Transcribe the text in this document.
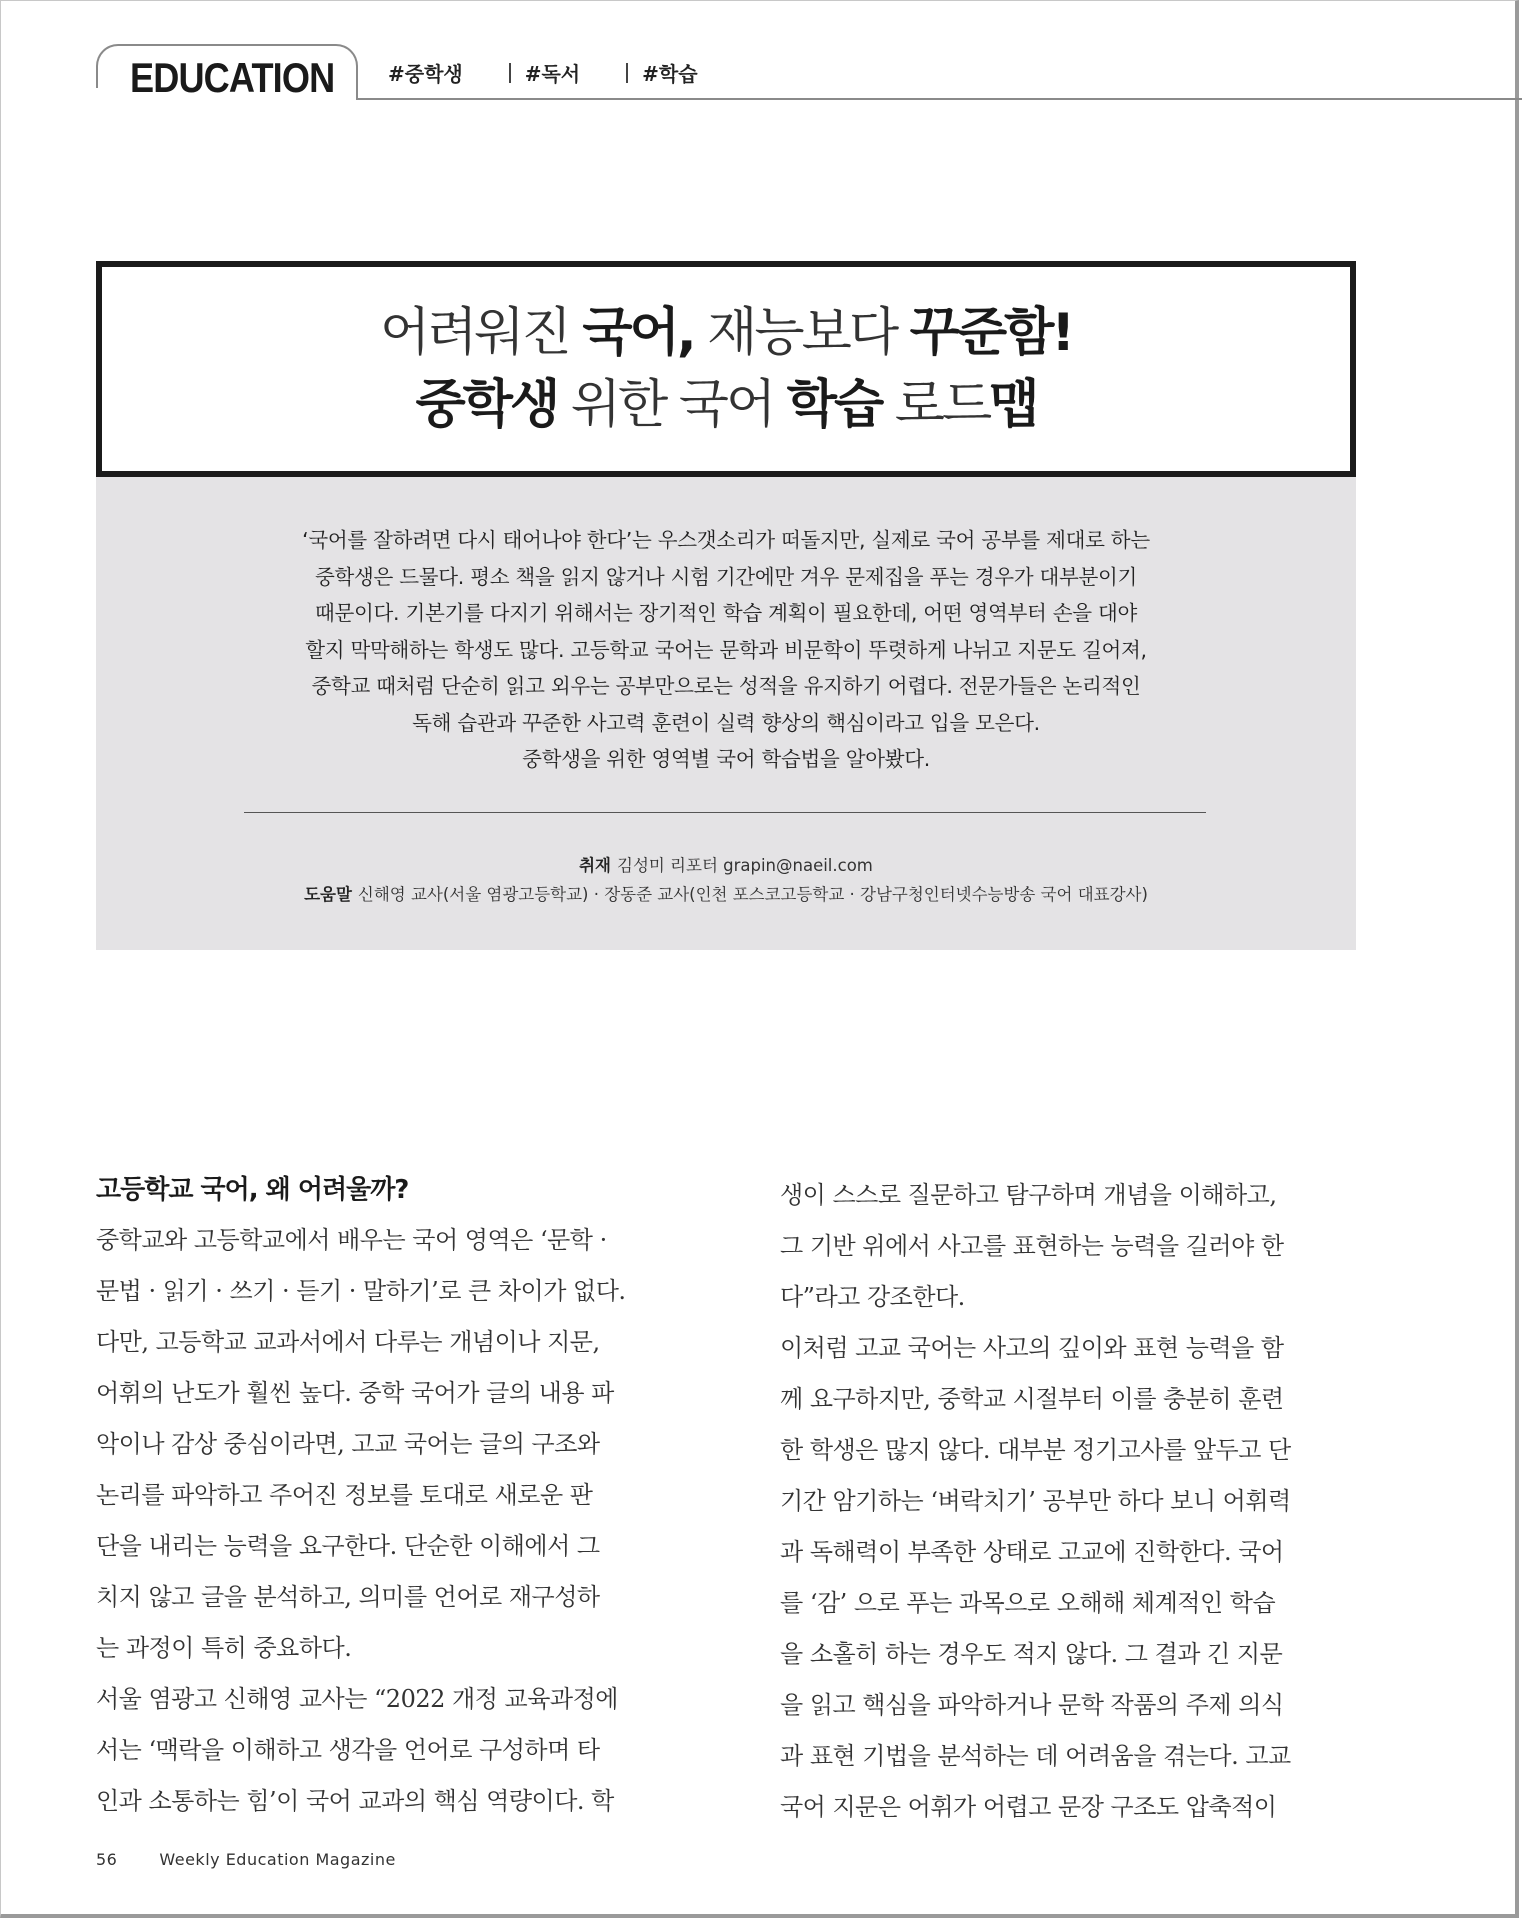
EDUCATION	#중학생	#독서	#학습
어려워진 국어, 재능보다 꾸준함!
중학생 위한 국어 학습 로드맵
‘국어를 잘하려면 다시 태어나야 한다’는 우스갯소리가 떠돌지만, 실제로 국어 공부를 제대로 하는
중학생은 드물다. 평소 책을 읽지 않거나 시험 기간에만 겨우 문제집을 푸는 경우가 대부분이기
때문이다. 기본기를 다지기 위해서는 장기적인 학습 계획이 필요한데, 어떤 영역부터 손을 대야
할지 막막해하는 학생도 많다. 고등학교 국어는 문학과 비문학이 뚜렷하게 나뉘고 지문도 길어져,
중학교 때처럼 단순히 읽고 외우는 공부만으로는 성적을 유지하기 어렵다. 전문가들은 논리적인
독해 습관과 꾸준한 사고력 훈련이 실력 향상의 핵심이라고 입을 모은다.
중학생을 위한 영역별 국어 학습법을 알아봤다.
취재 김성미 리포터 grapin@naeil.com
도움말 신해영 교사(서울 염광고등학교) · 장동준 교사(인천 포스코고등학교 · 강남구청인터넷수능방송 국어 대표강사)
고등학교 국어, 왜 어려울까?
중학교와 고등학교에서 배우는 국어 영역은 ‘문학 ·
문법 · 읽기 · 쓰기 · 듣기 · 말하기’로 큰 차이가 없다.
다만, 고등학교 교과서에서 다루는 개념이나 지문,
어휘의 난도가 훨씬 높다. 중학 국어가 글의 내용 파
악이나 감상 중심이라면, 고교 국어는 글의 구조와
논리를 파악하고 주어진 정보를 토대로 새로운 판
단을 내리는 능력을 요구한다. 단순한 이해에서 그
치지 않고 글을 분석하고, 의미를 언어로 재구성하
는 과정이 특히 중요하다.
서울 염광고 신해영 교사는 “2022 개정 교육과정에
서는 ‘맥락을 이해하고 생각을 언어로 구성하며 타
인과 소통하는 힘’이 국어 교과의 핵심 역량이다. 학
생이 스스로 질문하고 탐구하며 개념을 이해하고,
그 기반 위에서 사고를 표현하는 능력을 길러야 한
다”라고 강조한다.
이처럼 고교 국어는 사고의 깊이와 표현 능력을 함
께 요구하지만, 중학교 시절부터 이를 충분히 훈련
한 학생은 많지 않다. 대부분 정기고사를 앞두고 단
기간 암기하는 ‘벼락치기’ 공부만 하다 보니 어휘력
과 독해력이 부족한 상태로 고교에 진학한다. 국어
를 ‘감’ 으로 푸는 과목으로 오해해 체계적인 학습
을 소홀히 하는 경우도 적지 않다. 그 결과 긴 지문
을 읽고 핵심을 파악하거나 문학 작품의 주제 의식
과 표현 기법을 분석하는 데 어려움을 겪는다. 고교
국어 지문은 어휘가 어렵고 문장 구조도 압축적이
56	Weekly Education Magazine
